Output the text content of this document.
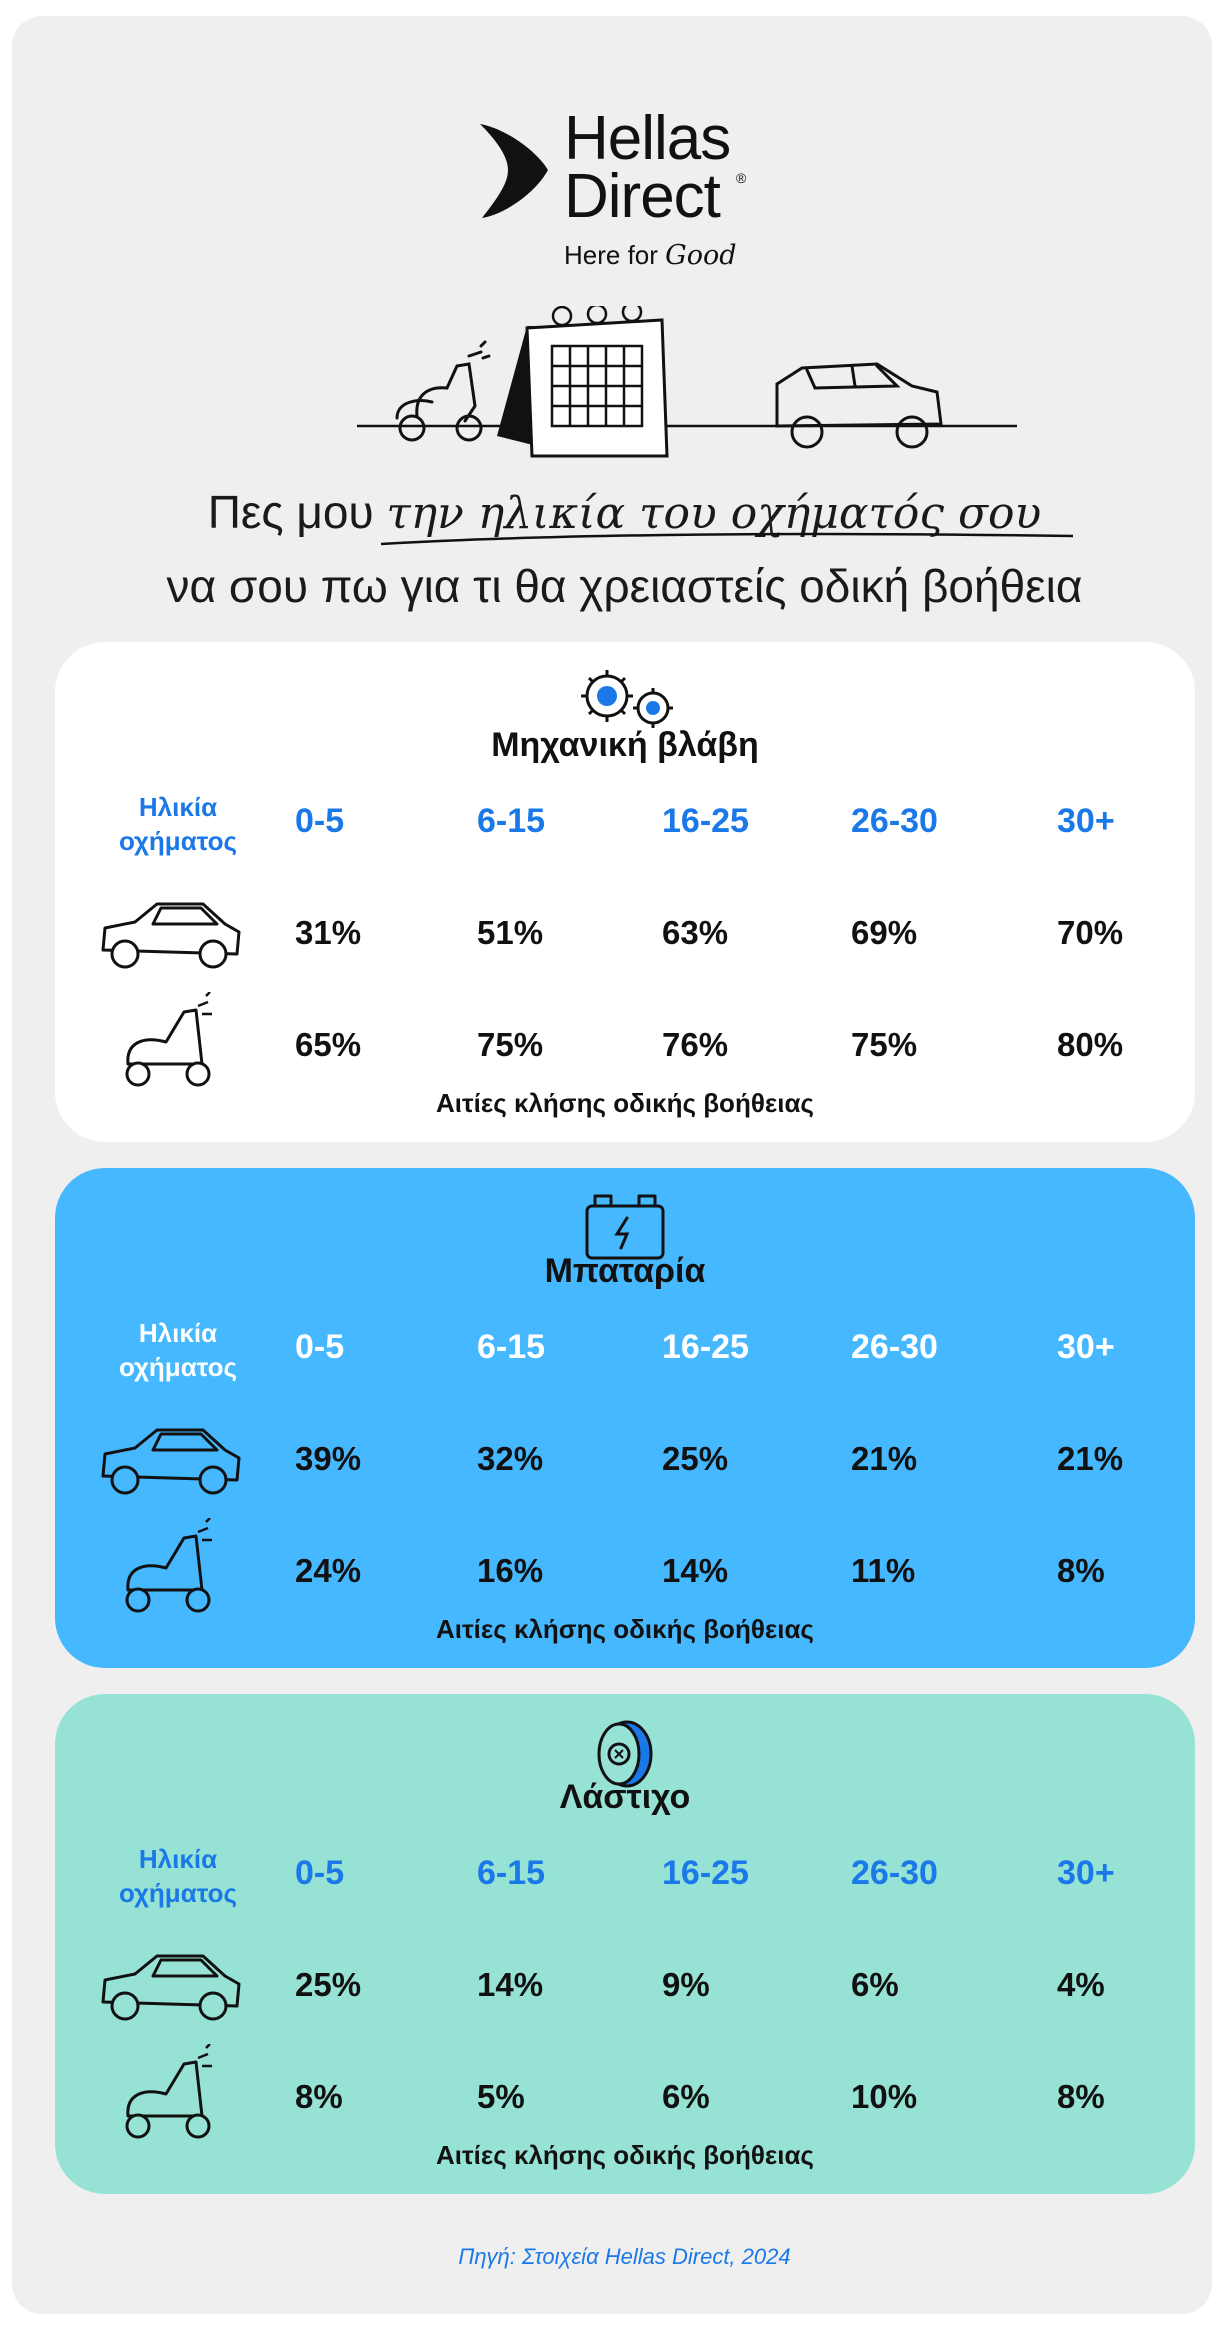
Hellas
Direct	®
Here for Good
Πες μου την ηλικία του οχήματός σου
να σου πω για τι θα χρειαστείς οδική βοήθεια
Μηχανική βλάβη
Ηλικία
οχήματος
0-5	6-15	16-25	26-30	30+
31%	51%	63%	69%	70%
65%	75%	76%	75%	80%
Αιτίες κλήσης οδικής βοήθειας
Μπαταρία
Ηλικία
οχήματος
0-5	6-15	16-25	26-30	30+
39%	32%	25%	21%	21%
24%	16%	14%	11%	8%
Αιτίες κλήσης οδικής βοήθειας
Λάστιχο
Ηλικία
οχήματος
0-5	6-15	16-25	26-30	30+
25%	14%	9%	6%	4%
8%	5%	6%	10%	8%
Αιτίες κλήσης οδικής βοήθειας
Πηγή: Στοιχεία Hellas Direct, 2024
